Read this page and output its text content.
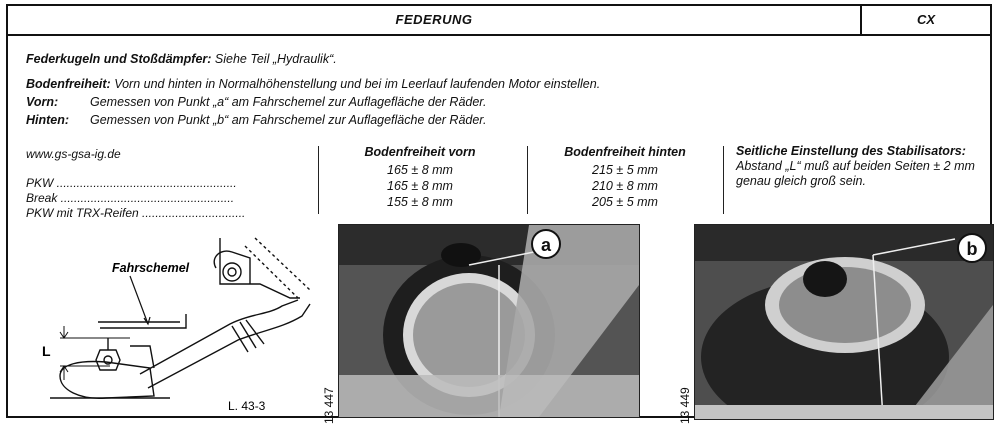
FEDERUNG	CX
Federkugeln und Stoßdämpfer: Siehe Teil „Hydraulik“.
Bodenfreiheit: Vorn und hinten in Normalhöhenstellung und bei im Leerlauf laufenden Motor einstellen.
Vorn:	Gemessen von Punkt „a“ am Fahrschemel zur Auflagefläche der Räder.
Hinten: Gemessen von Punkt „b“ am Fahrschemel zur Auflagefläche der Räder.
www.gs-gsa-ig.de
PKW ......................................................
Break ....................................................
PKW mit TRX-Reifen ...............................
Bodenfreiheit vorn
165 ± 8 mm
165 ± 8 mm
155 ± 8 mm
Bodenfreiheit hinten
215 ± 5 mm
210 ± 8 mm
205 ± 5 mm
Seitliche Einstellung des Stabilisators: Abstand „L“ muß auf beiden Seiten ± 2 mm genau gleich groß sein.
Fahrschemel
L
L. 43-3
a
13 447
b
13 449
